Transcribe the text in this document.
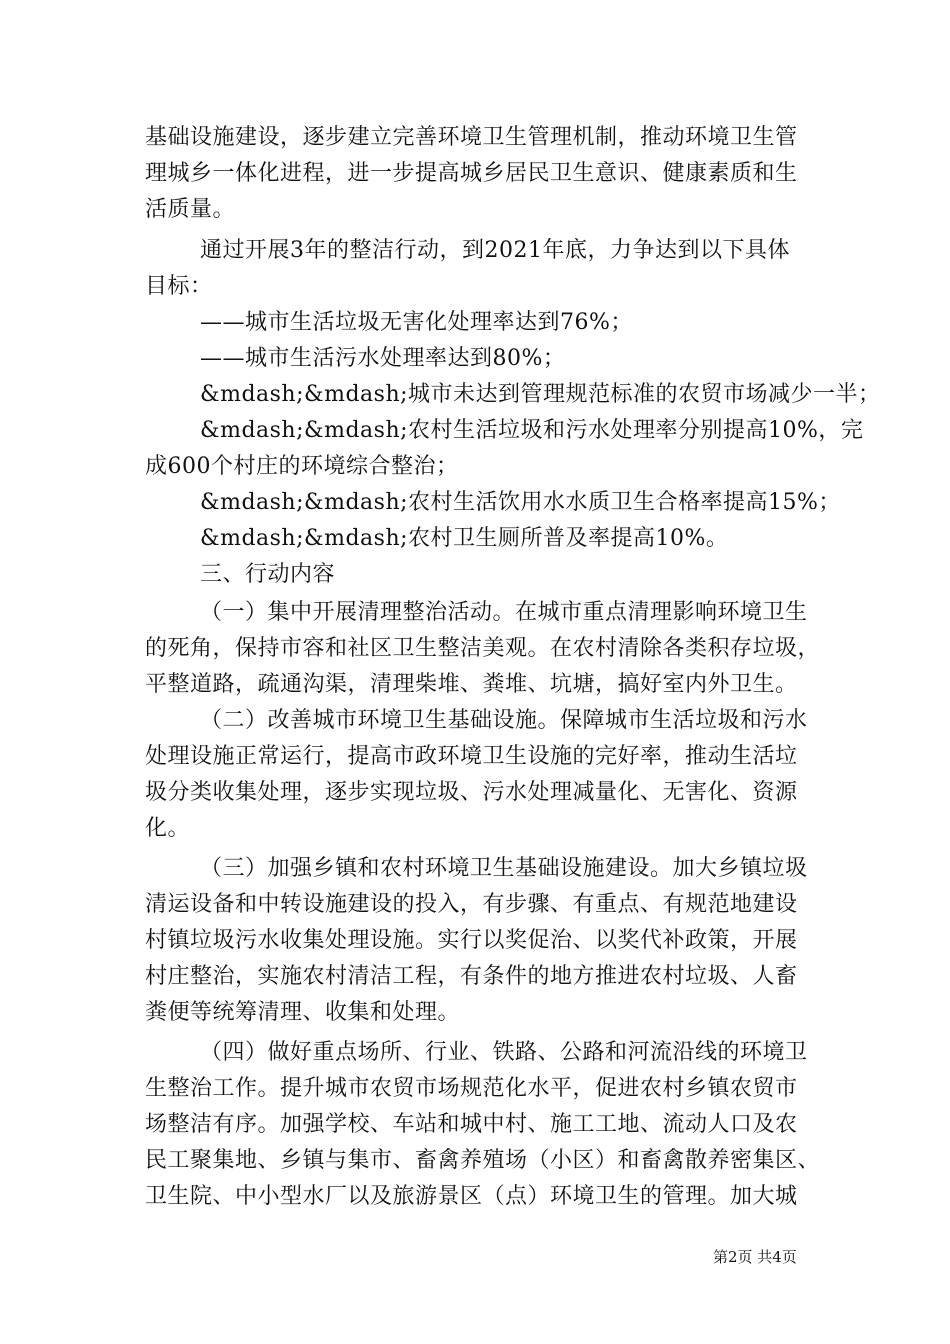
基础设施建设，逐步建立完善环境卫生管理机制，推动环境卫生管
理城乡一体化进程，进一步提高城乡居民卫生意识、健康素质和生
活质量。
通过开展3年的整洁行动，到2021年底，力争达到以下具体
目标：
——城市生活垃圾无害化处理率达到76%；
——城市生活污水处理率达到80%；
&mdash;&mdash;城市未达到管理规范标准的农贸市场减少一半；
&mdash;&mdash;农村生活垃圾和污水处理率分别提高10%，完
成600个村庄的环境综合整治；
&mdash;&mdash;农村生活饮用水水质卫生合格率提高15%；
&mdash;&mdash;农村卫生厕所普及率提高10%。
三、行动内容
（一）集中开展清理整治活动。在城市重点清理影响环境卫生
的死角，保持市容和社区卫生整洁美观。在农村清除各类积存垃圾，
平整道路，疏通沟渠，清理柴堆、粪堆、坑塘，搞好室内外卫生。
（二）改善城市环境卫生基础设施。保障城市生活垃圾和污水
处理设施正常运行，提高市政环境卫生设施的完好率，推动生活垃
圾分类收集处理，逐步实现垃圾、污水处理减量化、无害化、资源
化。
（三）加强乡镇和农村环境卫生基础设施建设。加大乡镇垃圾
清运设备和中转设施建设的投入，有步骤、有重点、有规范地建设
村镇垃圾污水收集处理设施。实行以奖促治、以奖代补政策，开展
村庄整治，实施农村清洁工程，有条件的地方推进农村垃圾、人畜
粪便等统筹清理、收集和处理。
（四）做好重点场所、行业、铁路、公路和河流沿线的环境卫
生整治工作。提升城市农贸市场规范化水平，促进农村乡镇农贸市
场整洁有序。加强学校、车站和城中村、施工工地、流动人口及农
民工聚集地、乡镇与集市、畜禽养殖场（小区）和畜禽散养密集区、
卫生院、中小型水厂以及旅游景区（点）环境卫生的管理。加大城
第2页 共4页
